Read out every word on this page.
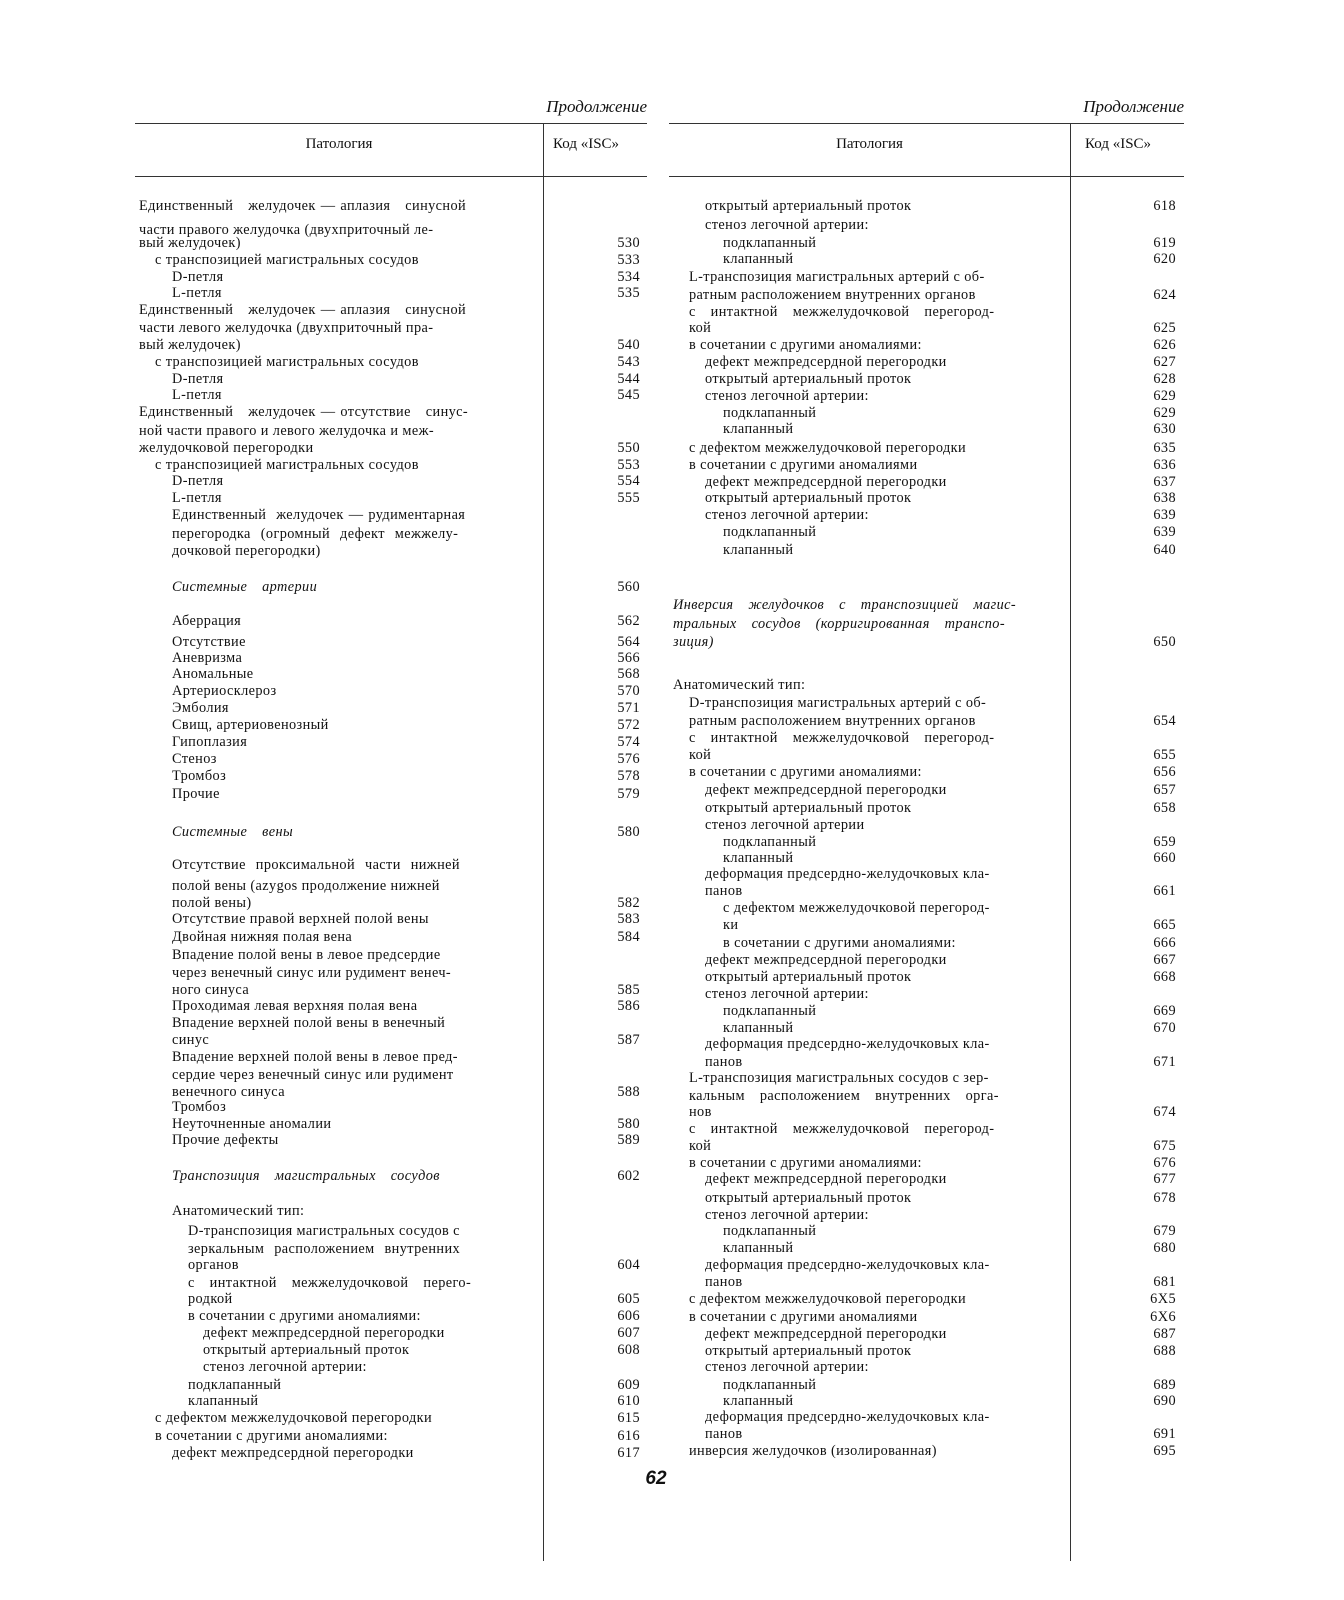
Продолжение
Патология	Код «ISC»
Единственный   желудочек — аплазия   синусной
части правого желудочка (двухприточный ле-
вый желудочек)	530
с транспозицией магистральных сосудов	533
D-петля	534
L-петля	535
Единственный   желудочек — аплазия   синусной
части левого желудочка (двухприточный пра-
вый желудочек)	540
с транспозицией магистральных сосудов	543
D-петля	544
L-петля	545
Единственный   желудочек — отсутствие   синус-
ной части правого и левого желудочка и меж-
желудочковой перегородки	550
с транспозицией магистральных сосудов	553
D-петля	554
L-петля	555
Единственный  желудочек — рудиментарная
перегородка  (огромный  дефект  межжелу-
дочковой перегородки)
Системные   артерии	560
Аберрация	562
Отсутствие	564
Аневризма	566
Аномальные	568
Артериосклероз	570
Эмболия	571
Свищ, артериовенозный	572
Гипоплазия	574
Стеноз	576
Тромбоз	578
Прочие	579
Системные   вены	580
Отсутствие  проксимальной  части  нижней
полой вены (azygos продолжение нижней
полой вены)	582
Отсутствие правой верхней полой вены	583
Двойная нижняя полая вена	584
Впадение полой вены в левое предсердие
через венечный синус или рудимент венеч-
ного синуса	585
Проходимая левая верхняя полая вена	586
Впадение верхней полой вены в венечный
синус	587
Впадение верхней полой вены в левое пред-
сердие через венечный синус или рудимент
венечного синуса	588
Тромбоз
Неуточненные аномалии	580
Прочие дефекты	589
Транспозиция   магистральных   сосудов	602
Анатомический тип:
D-транспозиция магистральных сосудов с
зеркальным  расположением  внутренних
органов	604
с   интактной   межжелудочковой   перего-
родкой	605
в сочетании с другими аномалиями:	606
дефект межпредсердной перегородки	607
открытый артериальный проток	608
стеноз легочной артерии:
подклапанный	609
клапанный	610
с дефектом межжелудочковой перегородки	615
в сочетании с другими аномалиями:	616
дефект межпредсердной перегородки	617
Продолжение
Патология	Код «ISC»
открытый артериальный проток	618
стеноз легочной артерии:
подклапанный	619
клапанный	620
L-транспозиция магистральных артерий с об-
ратным расположением внутренних органов	624
с   интактной   межжелудочковой   перегород-
кой	625
в сочетании с другими аномалиями:	626
дефект межпредсердной перегородки	627
открытый артериальный проток	628
стеноз легочной артерии:	629
подклапанный	629
клапанный	630
с дефектом межжелудочковой перегородки	635
в сочетании с другими аномалиями	636
дефект межпредсердной перегородки	637
открытый артериальный проток	638
стеноз легочной артерии:	639
подклапанный	639
клапанный	640
Инверсия   желудочков   с   транспозицией   магис-
тральных   сосудов   (корригированная   транспо-
зиция)	650
Анатомический тип:
D-транспозиция магистральных артерий с об-
ратным расположением внутренних органов	654
с   интактной   межжелудочковой   перегород-
кой	655
в сочетании с другими аномалиями:	656
дефект межпредсердной перегородки	657
открытый артериальный проток	658
стеноз легочной артерии
подклапанный	659
клапанный	660
деформация предсердно-желудочковых кла-
панов	661
с дефектом межжелудочковой перегород-
ки	665
в сочетании с другими аномалиями:	666
дефект межпредсердной перегородки	667
открытый артериальный проток	668
стеноз легочной артерии:
подклапанный	669
клапанный	670
деформация предсердно-желудочковых кла-
панов	671
L-транспозиция магистральных сосудов с зер-
кальным   расположением   внутренних   орга-
нов	674
с   интактной   межжелудочковой   перегород-
кой	675
в сочетании с другими аномалиями:	676
дефект межпредсердной перегородки	677
открытый артериальный проток	678
стеноз легочной артерии:
подклапанный	679
клапанный	680
деформация предсердно-желудочковых кла-
панов	681
с дефектом межжелудочковой перегородки	6Х5
в сочетании с другими аномалиями	6Х6
дефект межпредсердной перегородки	687
открытый артериальный проток	688
стеноз легочной артерии:
подклапанный	689
клапанный	690
деформация предсердно-желудочковых кла-
панов	691
инверсия желудочков (изолированная)	695
62
